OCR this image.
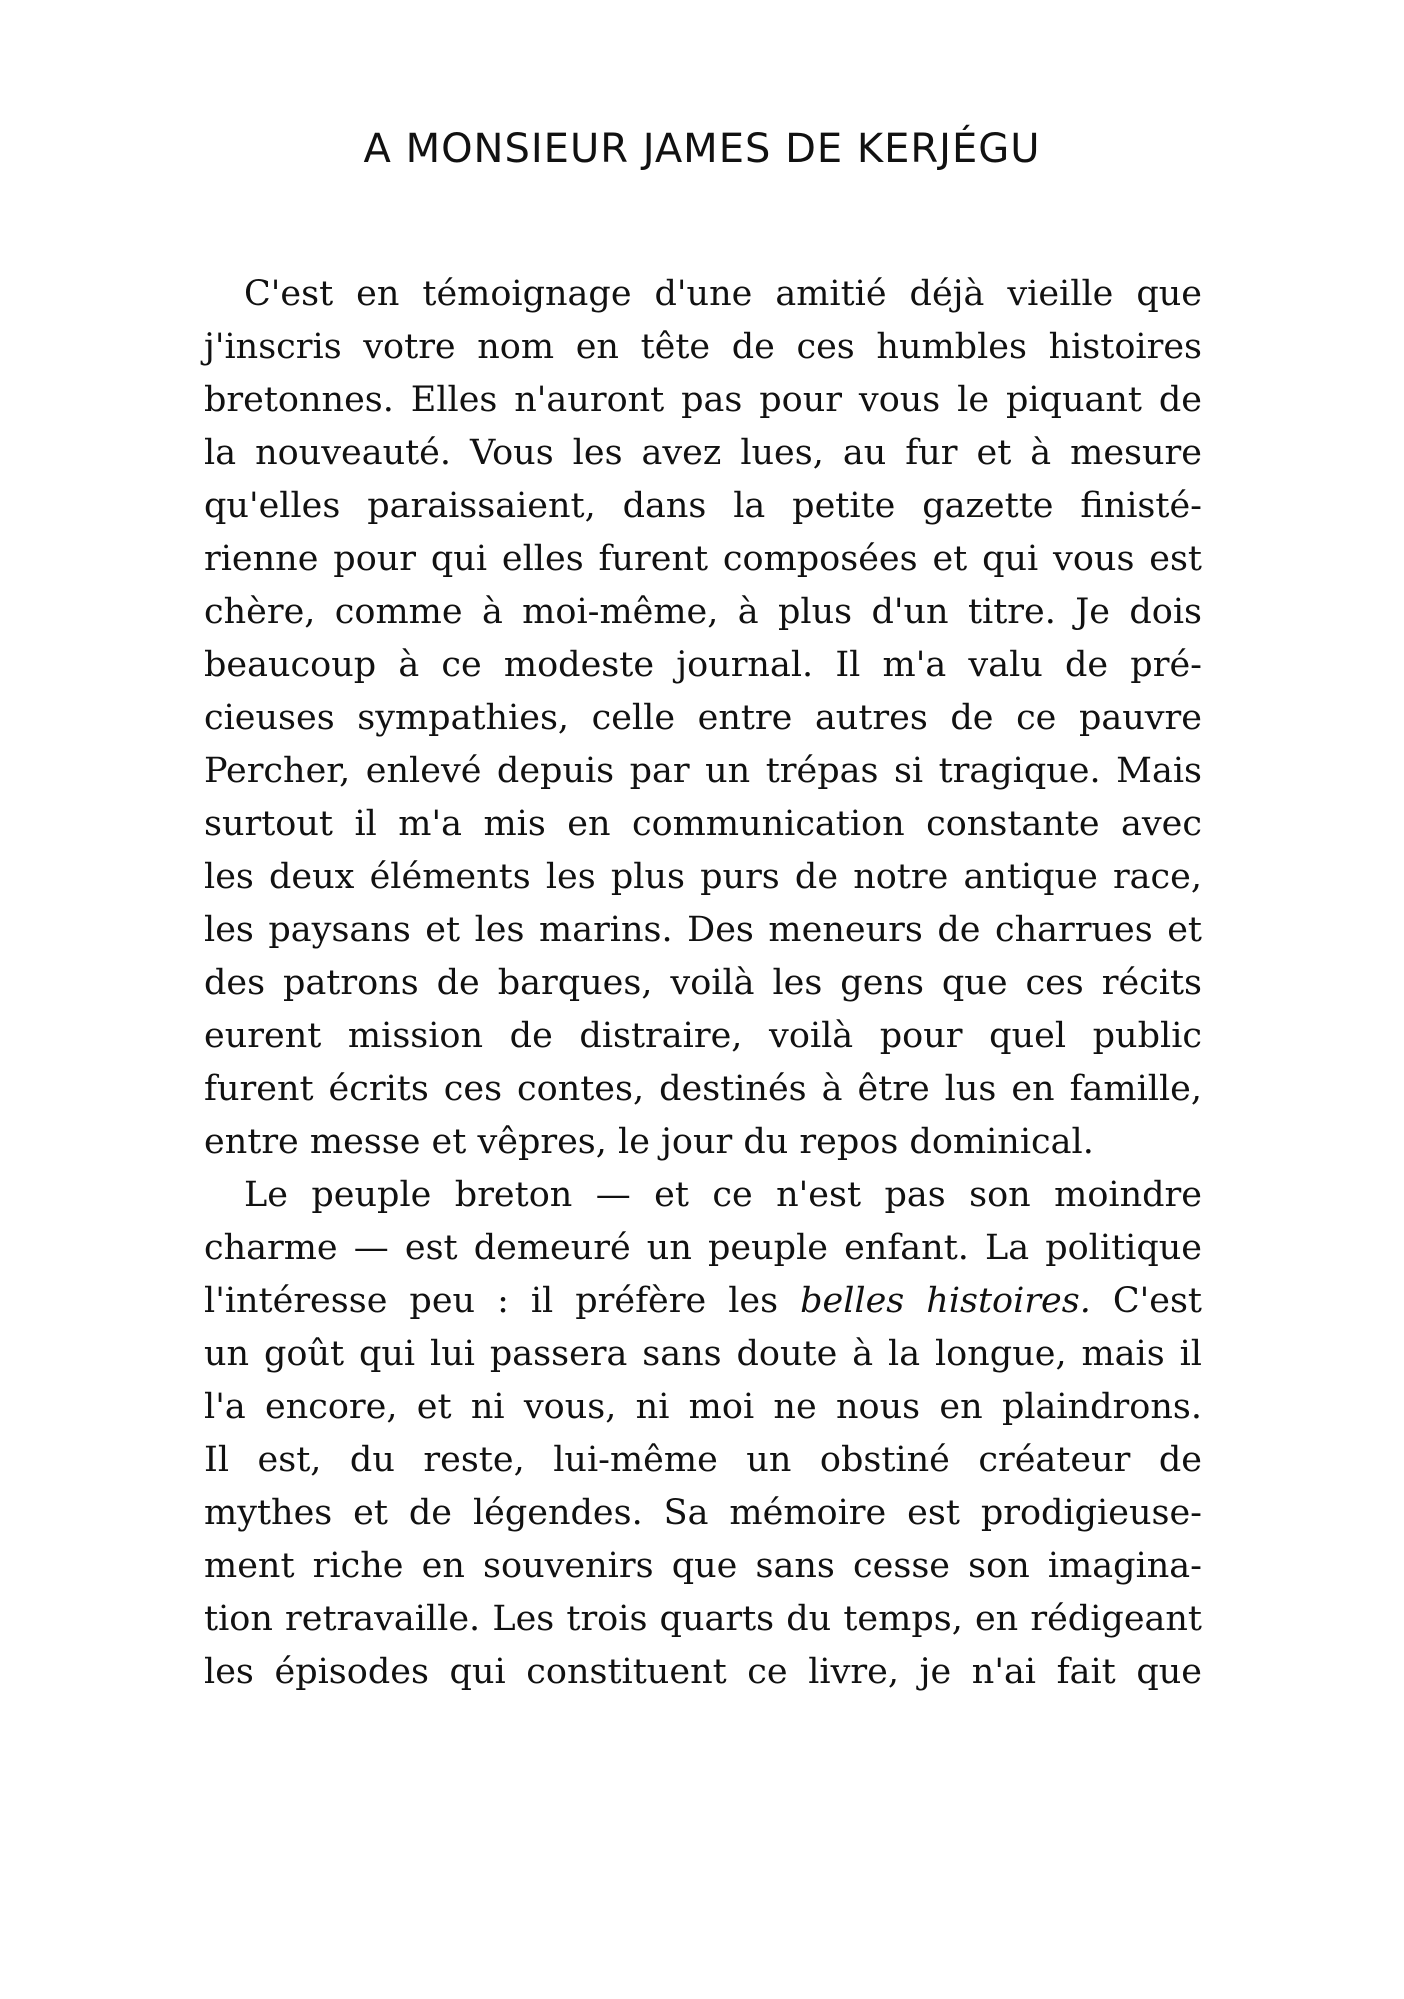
A MONSIEUR JAMES DE KERJÉGU
C'est en témoignage d'une amitié déjà vieille que
j'inscris votre nom en tête de ces humbles histoires
bretonnes. Elles n'auront pas pour vous le piquant de
la nouveauté. Vous les avez lues, au fur et à mesure
qu'elles paraissaient, dans la petite gazette finisté-
rienne pour qui elles furent composées et qui vous est
chère, comme à moi-même, à plus d'un titre. Je dois
beaucoup à ce modeste journal. Il m'a valu de pré-
cieuses sympathies, celle entre autres de ce pauvre
Percher, enlevé depuis par un trépas si tragique. Mais
surtout il m'a mis en communication constante avec
les deux éléments les plus purs de notre antique race,
les paysans et les marins. Des meneurs de charrues et
des patrons de barques, voilà les gens que ces récits
eurent mission de distraire, voilà pour quel public
furent écrits ces contes, destinés à être lus en famille,
entre messe et vêpres, le jour du repos dominical.
Le peuple breton — et ce n'est pas son moindre
charme — est demeuré un peuple enfant. La politique
l'intéresse peu : il préfère les belles histoires. C'est
un goût qui lui passera sans doute à la longue, mais il
l'a encore, et ni vous, ni moi ne nous en plaindrons.
Il est, du reste, lui-même un obstiné créateur de
mythes et de légendes. Sa mémoire est prodigieuse-
ment riche en souvenirs que sans cesse son imagina-
tion retravaille. Les trois quarts du temps, en rédigeant
les épisodes qui constituent ce livre, je n'ai fait que
